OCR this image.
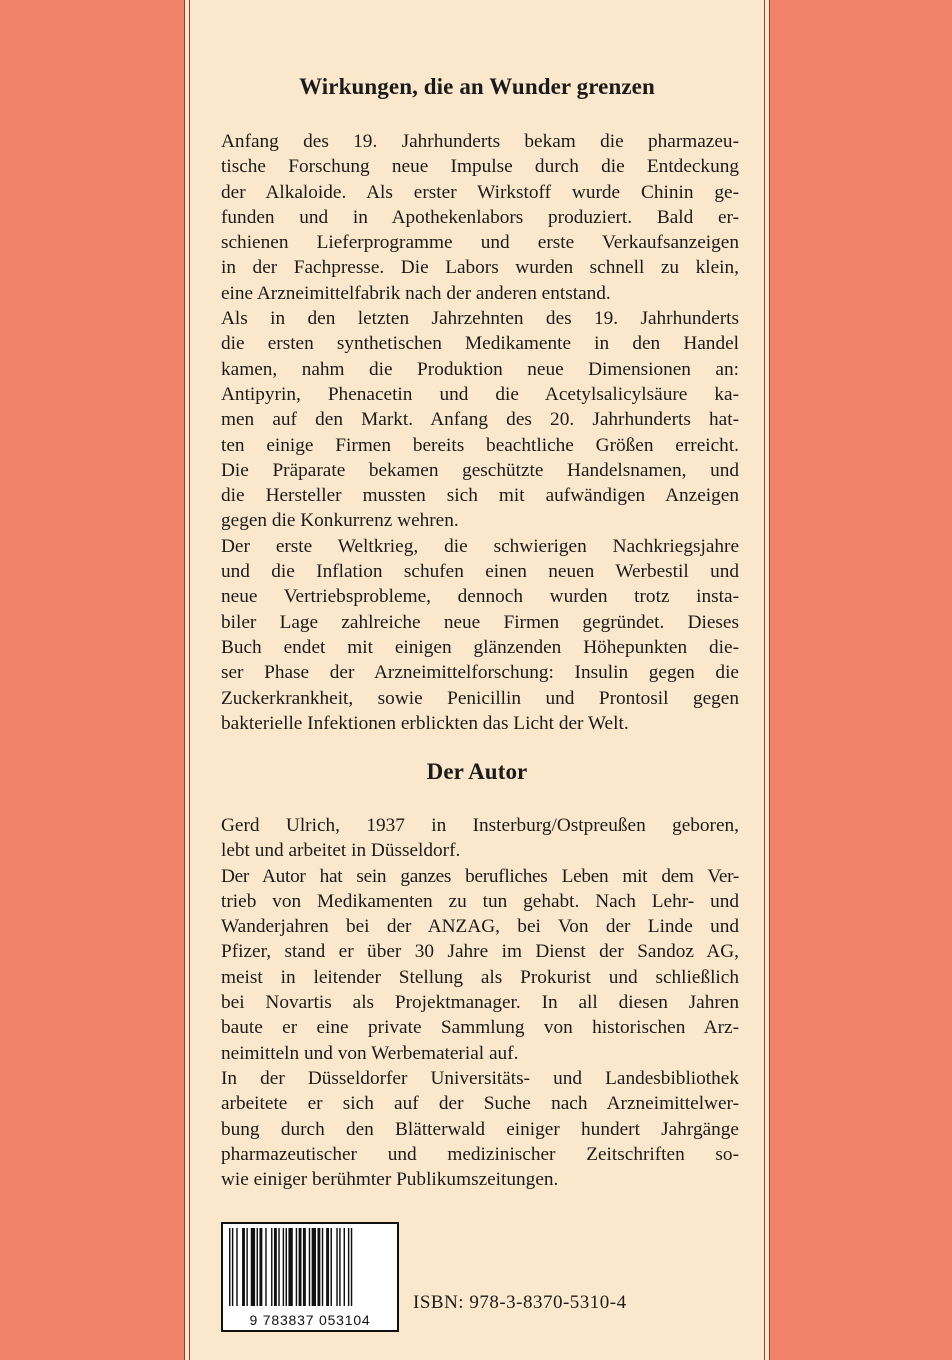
Wirkungen, die an Wunder grenzen

Anfang des 19. Jahrhunderts bekam die pharmazeu-
tische Forschung neue Impulse durch die Entdeckung
der Alkaloide. Als erster Wirkstoff wurde Chinin ge-
funden und in Apothekenlabors produziert. Bald er-
schienen Lieferprogramme und erste Verkaufsanzeigen
in der Fachpresse. Die Labors wurden schnell zu klein,
eine Arzneimittelfabrik nach der anderen entstand.
Als in den letzten Jahrzehnten des 19. Jahrhunderts
die ersten synthetischen Medikamente in den Handel
kamen, nahm die Produktion neue Dimensionen an:
Antipyrin, Phenacetin und die Acetylsalicylsäure ka-
men auf den Markt. Anfang des 20. Jahrhunderts hat-
ten einige Firmen bereits beachtliche Größen erreicht.
Die Präparate bekamen geschützte Handelsnamen, und
die Hersteller mussten sich mit aufwändigen Anzeigen
gegen die Konkurrenz wehren.
Der erste Weltkrieg, die schwierigen Nachkriegsjahre
und die Inflation schufen einen neuen Werbestil und
neue Vertriebsprobleme, dennoch wurden trotz insta-
biler Lage zahlreiche neue Firmen gegründet. Dieses
Buch endet mit einigen glänzenden Höhepunkten die-
ser Phase der Arzneimittelforschung: Insulin gegen die
Zuckerkrankheit, sowie Penicillin und Prontosil gegen
bakterielle Infektionen erblickten das Licht der Welt.

Der Autor

Gerd Ulrich, 1937 in Insterburg/Ostpreußen geboren,
lebt und arbeitet in Düsseldorf.
Der Autor hat sein ganzes berufliches Leben mit dem Ver-
trieb von Medikamenten zu tun gehabt. Nach Lehr- und
Wanderjahren bei der ANZAG, bei Von der Linde und
Pfizer, stand er über 30 Jahre im Dienst der Sandoz AG,
meist in leitender Stellung als Prokurist und schließlich
bei Novartis als Projektmanager. In all diesen Jahren
baute er eine private Sammlung von historischen Arz-
neimitteln und von Werbematerial auf.
In der Düsseldorfer Universitäts- und Landesbibliothek
arbeitete er sich auf der Suche nach Arzneimittelwer-
bung durch den Blätterwald einiger hundert Jahrgänge
pharmazeutischer und medizinischer Zeitschriften so-
wie einiger berühmter Publikumszeitungen.

9 783837 053104
ISBN: 978-3-8370-5310-4
